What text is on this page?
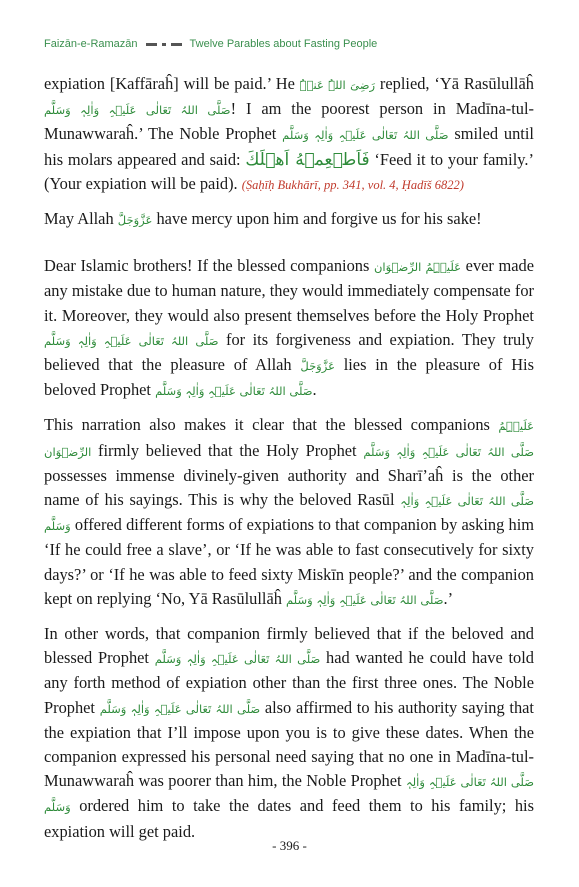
Faizān-e-Ramazān	Twelve Parables about Fasting People

expiation [Kaffāraĥ] will be paid.’ He رَضِیَ اللہُ عَنۡہُ replied, ‘Yā Rasūlullāĥ صَلَّی اللہُ تَعَالٰی عَلَیۡہِ وَاٰلِہٖ وَسَلَّم! I am the poorest person in Madīna-tul-Munawwaraĥ.’ The Noble Prophet صَلَّی اللہُ تَعَالٰی عَلَیۡہِ وَاٰلِہٖ وَسَلَّم smiled until his molars appeared and said: فَاَطۡعِمۡهُ اَهۡلَكَ ‘Feed it to your family.’ (Your expiation will be paid). (Ṣaḥīḥ Bukhārī, pp. 341, vol. 4, Ḥadīš 6822)

May Allah عَزَّوَجَلَّ have mercy upon him and forgive us for his sake!

Dear Islamic brothers! If the blessed companions عَلَیۡہِمُ الرِّضۡوَان ever made any mistake due to human nature, they would immediately compensate for it. Moreover, they would also present themselves before the Holy Prophet صَلَّی اللہُ تَعَالٰی عَلَیۡہِ وَاٰلِہٖ وَسَلَّم for its forgiveness and expiation. They truly believed that the pleasure of Allah عَزَّوَجَلَّ lies in the pleasure of His beloved Prophet صَلَّی اللہُ تَعَالٰی عَلَیۡہِ وَاٰلِہٖ وَسَلَّم.

This narration also makes it clear that the blessed companions عَلَیۡہِمُ الرِّضۡوَان firmly believed that the Holy Prophet صَلَّی اللہُ تَعَالٰی عَلَیۡہِ وَاٰلِہٖ وَسَلَّم possesses immense divinely-given authority and Sharī’aĥ is the other name of his sayings. This is why the beloved Rasūl صَلَّی اللہُ تَعَالٰی عَلَیۡہِ وَاٰلِہٖ وَسَلَّم offered different forms of expiations to that companion by asking him ‘If he could free a slave’, or ‘If he was able to fast consecutively for sixty days?’ or ‘If he was able to feed sixty Miskīn people?’ and the companion kept on replying ‘No, Yā Rasūlullāĥ صَلَّی اللہُ تَعَالٰی عَلَیۡہِ وَاٰلِہٖ وَسَلَّم.’

In other words, that companion firmly believed that if the beloved and blessed Prophet صَلَّی اللہُ تَعَالٰی عَلَیۡہِ وَاٰلِہٖ وَسَلَّم had wanted he could have told any forth method of expiation other than the first three ones. The Noble Prophet صَلَّی اللہُ تَعَالٰی عَلَیۡہِ وَاٰلِہٖ وَسَلَّم also affirmed to his authority saying that the expiation that I’ll impose upon you is to give these dates. When the companion expressed his personal need saying that no one in Madīna-tul-Munawwaraĥ was poorer than him, the Noble Prophet صَلَّی اللہُ تَعَالٰی عَلَیۡہِ وَاٰلِہٖ وَسَلَّم ordered him to take the dates and feed them to his family; his expiation will get paid.

- 396 -
